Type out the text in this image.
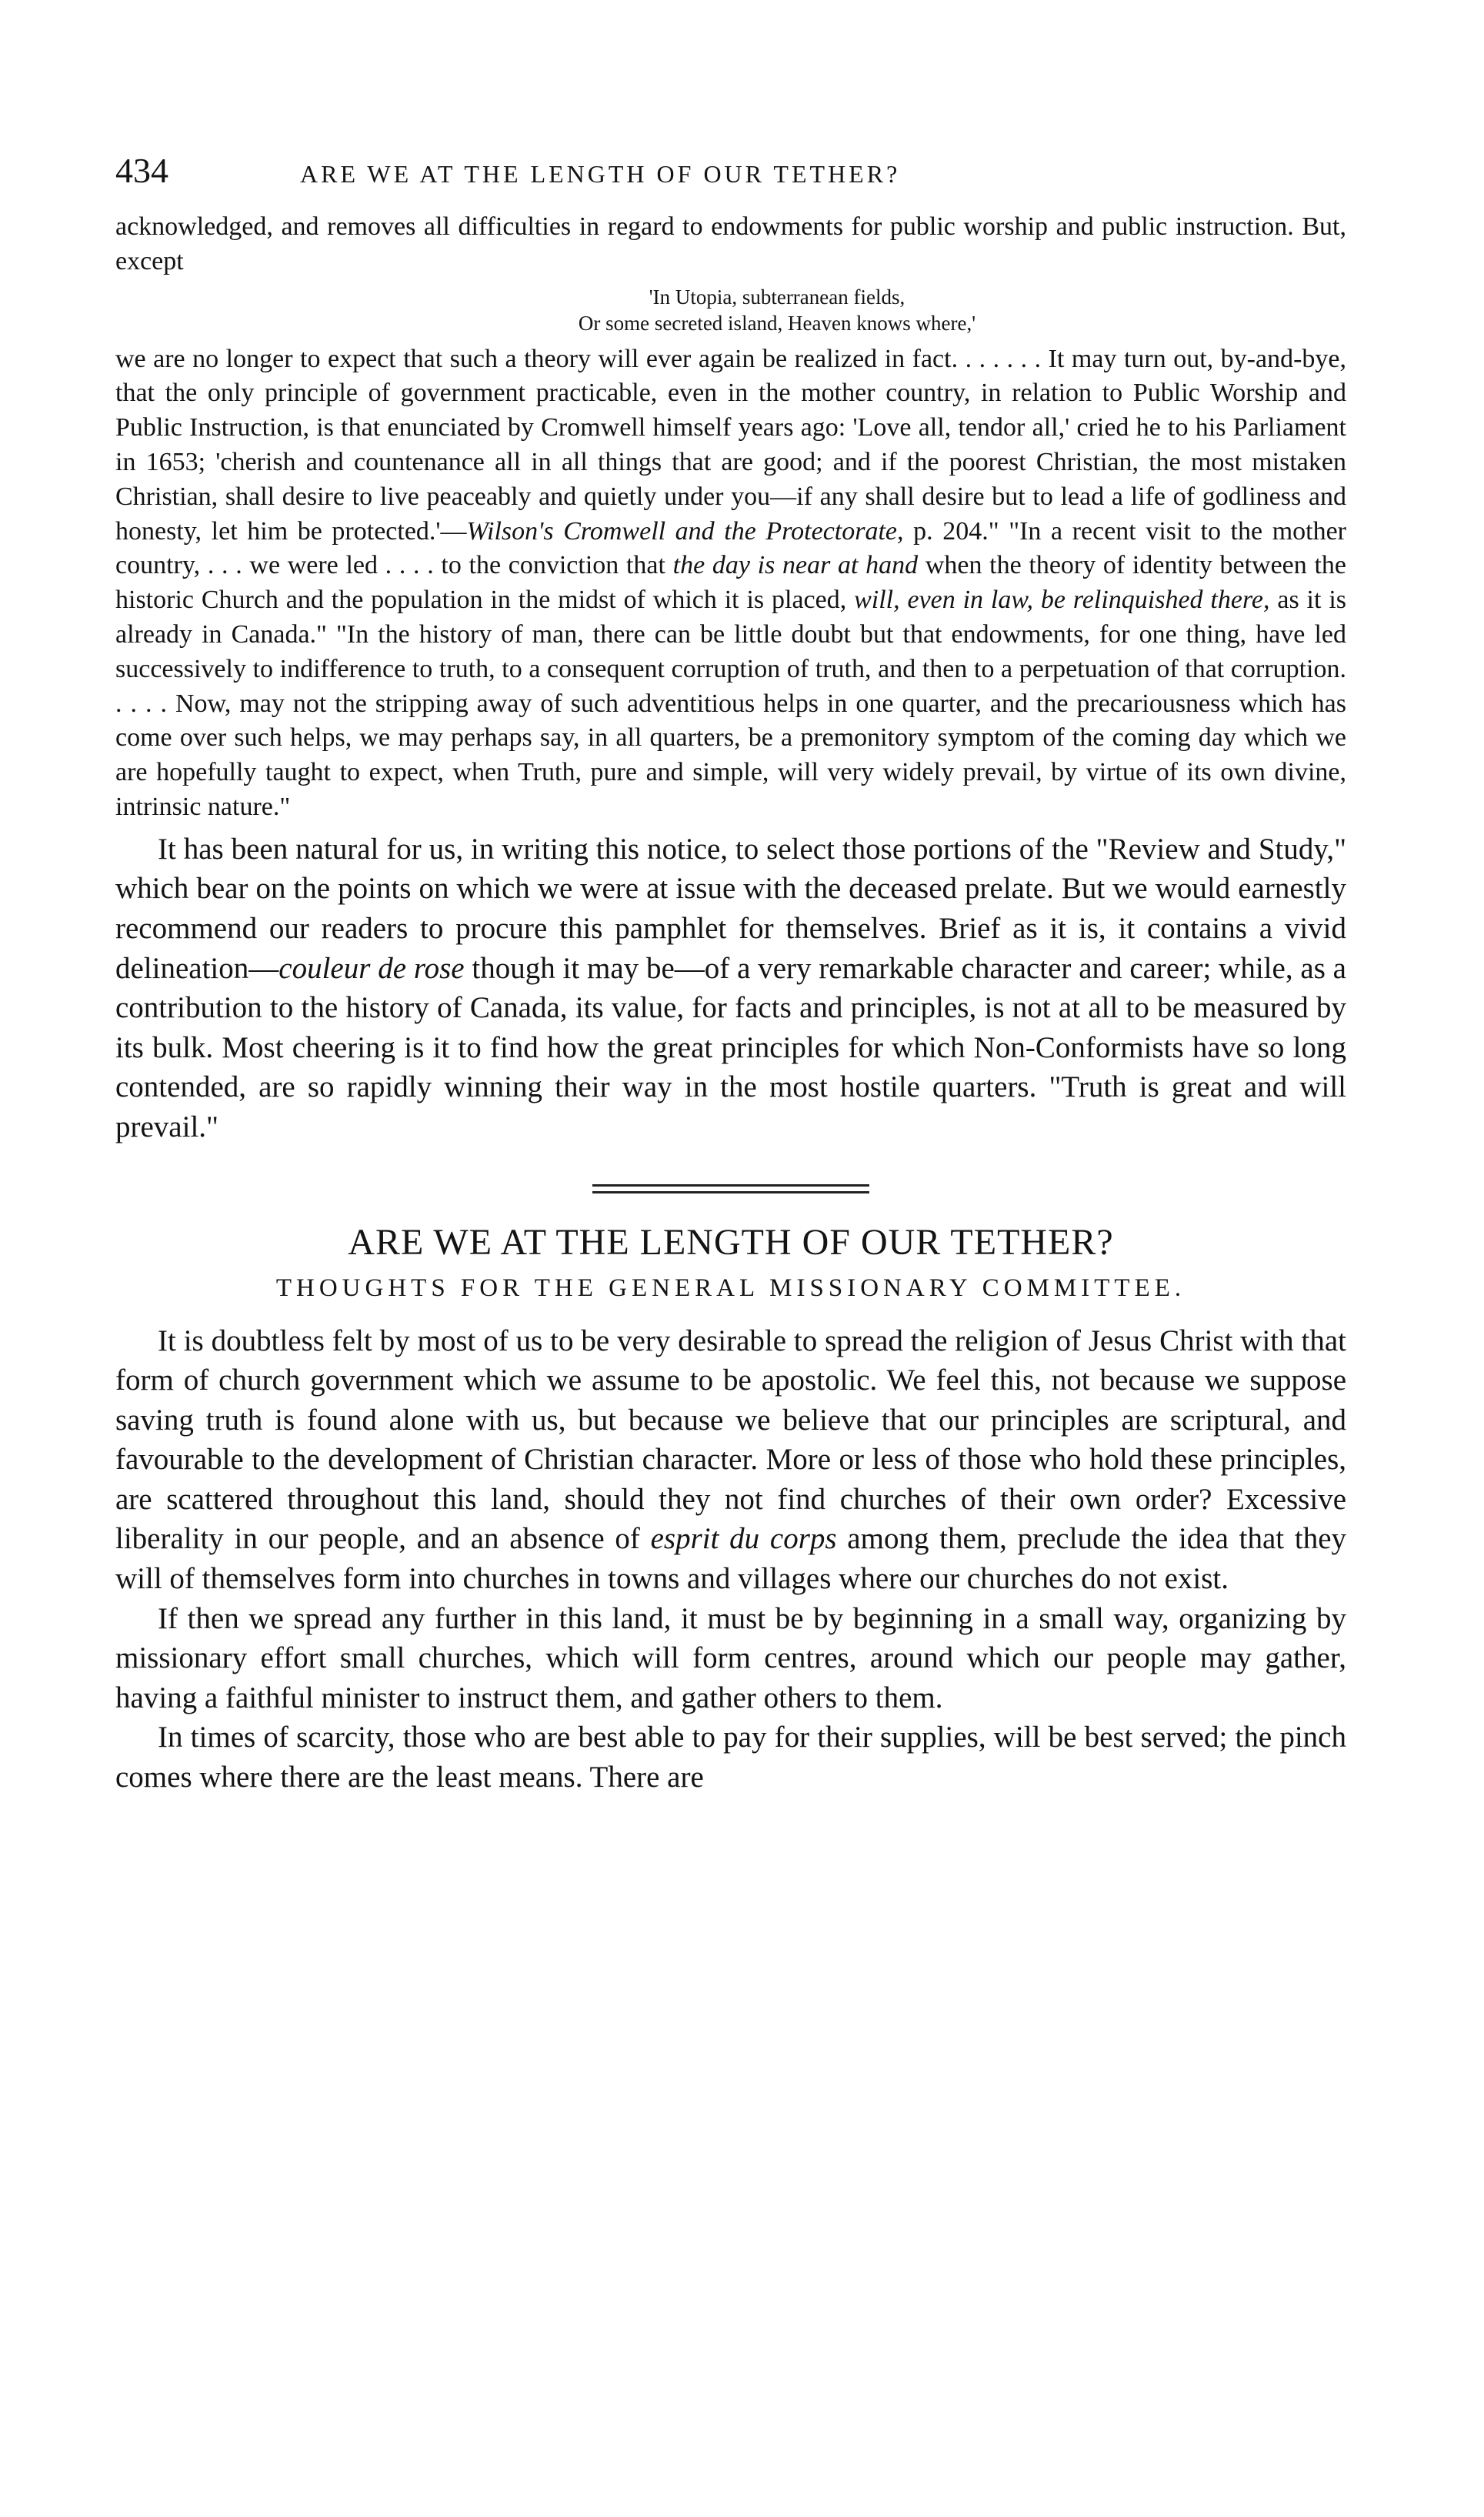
434	ARE WE AT THE LENGTH OF OUR TETHER?

acknowledged, and removes all difficulties in regard to endowments for public worship and public instruction. But, except

'In Utopia, subterranean fields,
Or some secreted island, Heaven knows where,'

we are no longer to expect that such a theory will ever again be realized in fact. . . . . . . It may turn out, by-and-bye, that the only principle of government practicable, even in the mother country, in relation to Public Worship and Public Instruction, is that enunciated by Cromwell himself years ago: 'Love all, tendor all,' cried he to his Parliament in 1653; 'cherish and countenance all in all things that are good; and if the poorest Christian, the most mistaken Christian, shall desire to live peaceably and quietly under you—if any shall desire but to lead a life of godliness and honesty, let him be protected.'—Wilson's Cromwell and the Protectorate, p. 204." "In a recent visit to the mother country, . . . we were led . . . . to the conviction that the day is near at hand when the theory of identity between the historic Church and the population in the midst of which it is placed, will, even in law, be relinquished there, as it is already in Canada." "In the history of man, there can be little doubt but that endowments, for one thing, have led successively to indifference to truth, to a consequent corruption of truth, and then to a perpetuation of that corruption. . . . . Now, may not the stripping away of such adventitious helps in one quarter, and the precariousness which has come over such helps, we may perhaps say, in all quarters, be a premonitory symptom of the coming day which we are hopefully taught to expect, when Truth, pure and simple, will very widely prevail, by virtue of its own divine, intrinsic nature."

It has been natural for us, in writing this notice, to select those portions of the "Review and Study," which bear on the points on which we were at issue with the deceased prelate. But we would earnestly recommend our readers to procure this pamphlet for themselves. Brief as it is, it contains a vivid delineation—couleur de rose though it may be—of a very remarkable character and career; while, as a contribution to the history of Canada, its value, for facts and principles, is not at all to be measured by its bulk. Most cheering is it to find how the great principles for which Non-Conformists have so long contended, are so rapidly winning their way in the most hostile quarters. "Truth is great and will prevail."

ARE WE AT THE LENGTH OF OUR TETHER?
THOUGHTS FOR THE GENERAL MISSIONARY COMMITTEE.

It is doubtless felt by most of us to be very desirable to spread the religion of Jesus Christ with that form of church government which we assume to be apostolic. We feel this, not because we suppose saving truth is found alone with us, but because we believe that our principles are scriptural, and favourable to the development of Christian character. More or less of those who hold these principles, are scattered throughout this land, should they not find churches of their own order? Excessive liberality in our people, and an absence of esprit du corps among them, preclude the idea that they will of themselves form into churches in towns and villages where our churches do not exist.

If then we spread any further in this land, it must be by beginning in a small way, organizing by missionary effort small churches, which will form centres, around which our people may gather, having a faithful minister to instruct them, and gather others to them.

In times of scarcity, those who are best able to pay for their supplies, will be best served; the pinch comes where there are the least means. There are
